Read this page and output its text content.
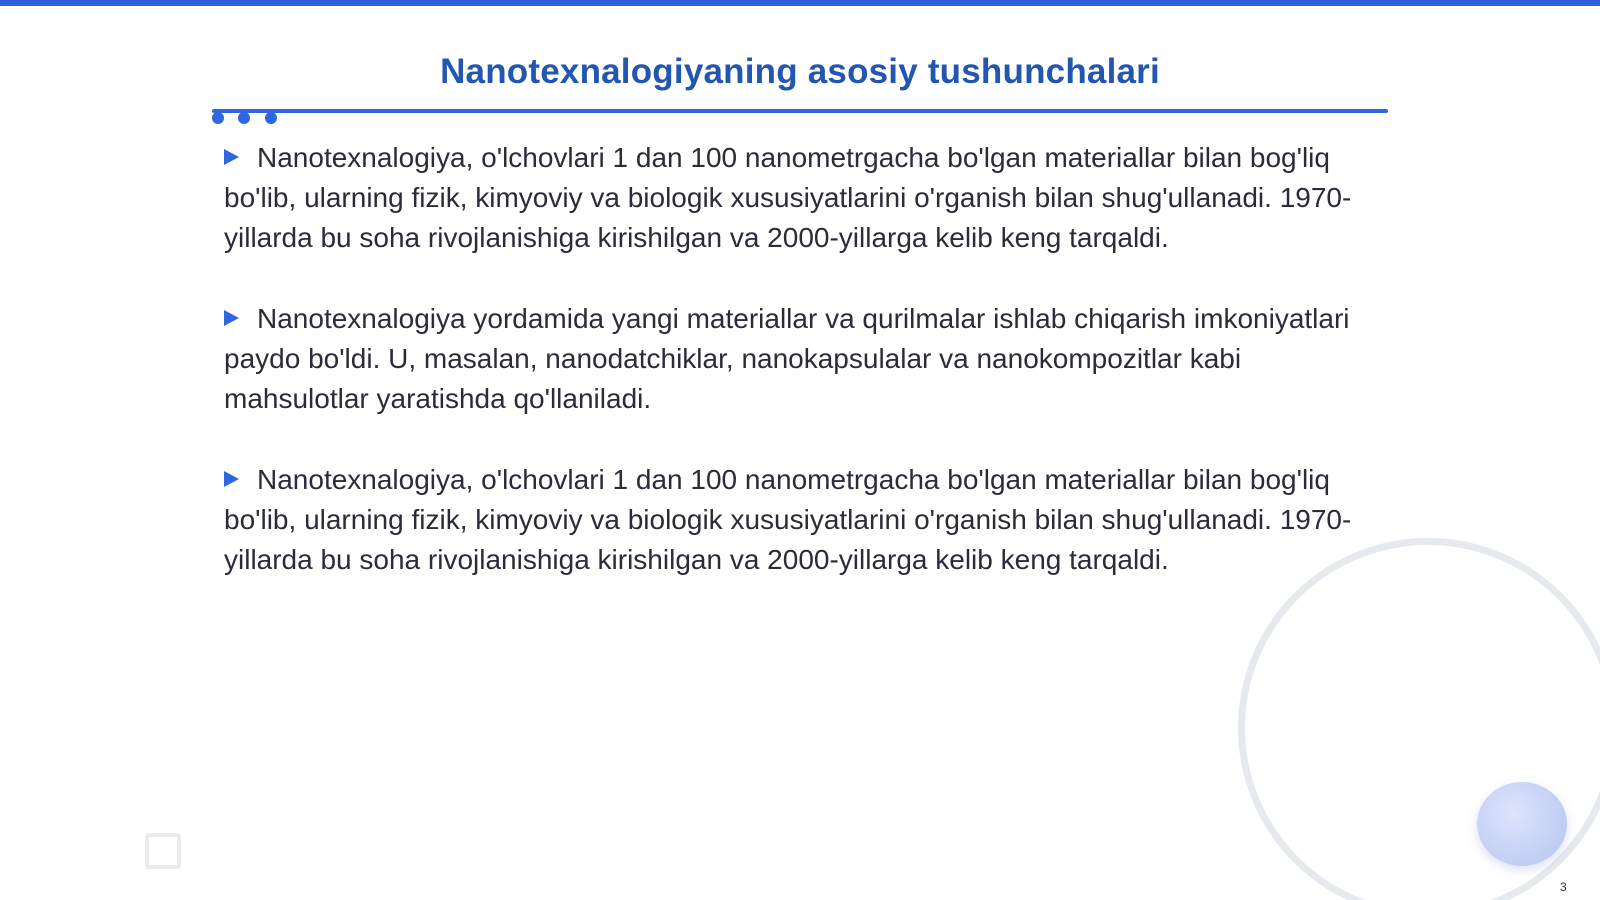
Nanotexnalogiyaning asosiy tushunchalari

Nanotexnalogiya, o'lchovlari 1 dan 100 nanometrgacha bo'lgan materiallar bilan bog'liq bo'lib, ularning fizik, kimyoviy va biologik xususiyatlarini o'rganish bilan shug'ullanadi. 1970-yillarda bu soha rivojlanishiga kirishilgan va 2000-yillarga kelib keng tarqaldi.

Nanotexnalogiya yordamida yangi materiallar va qurilmalar ishlab chiqarish imkoniyatlari paydo bo'ldi. U, masalan, nanodatchiklar, nanokapsulalar va nanokompozitlar kabi mahsulotlar yaratishda qo'llaniladi.

Nanotexnalogiya, o'lchovlari 1 dan 100 nanometrgacha bo'lgan materiallar bilan bog'liq bo'lib, ularning fizik, kimyoviy va biologik xususiyatlarini o'rganish bilan shug'ullanadi. 1970-yillarda bu soha rivojlanishiga kirishilgan va 2000-yillarga kelib keng tarqaldi.

3
